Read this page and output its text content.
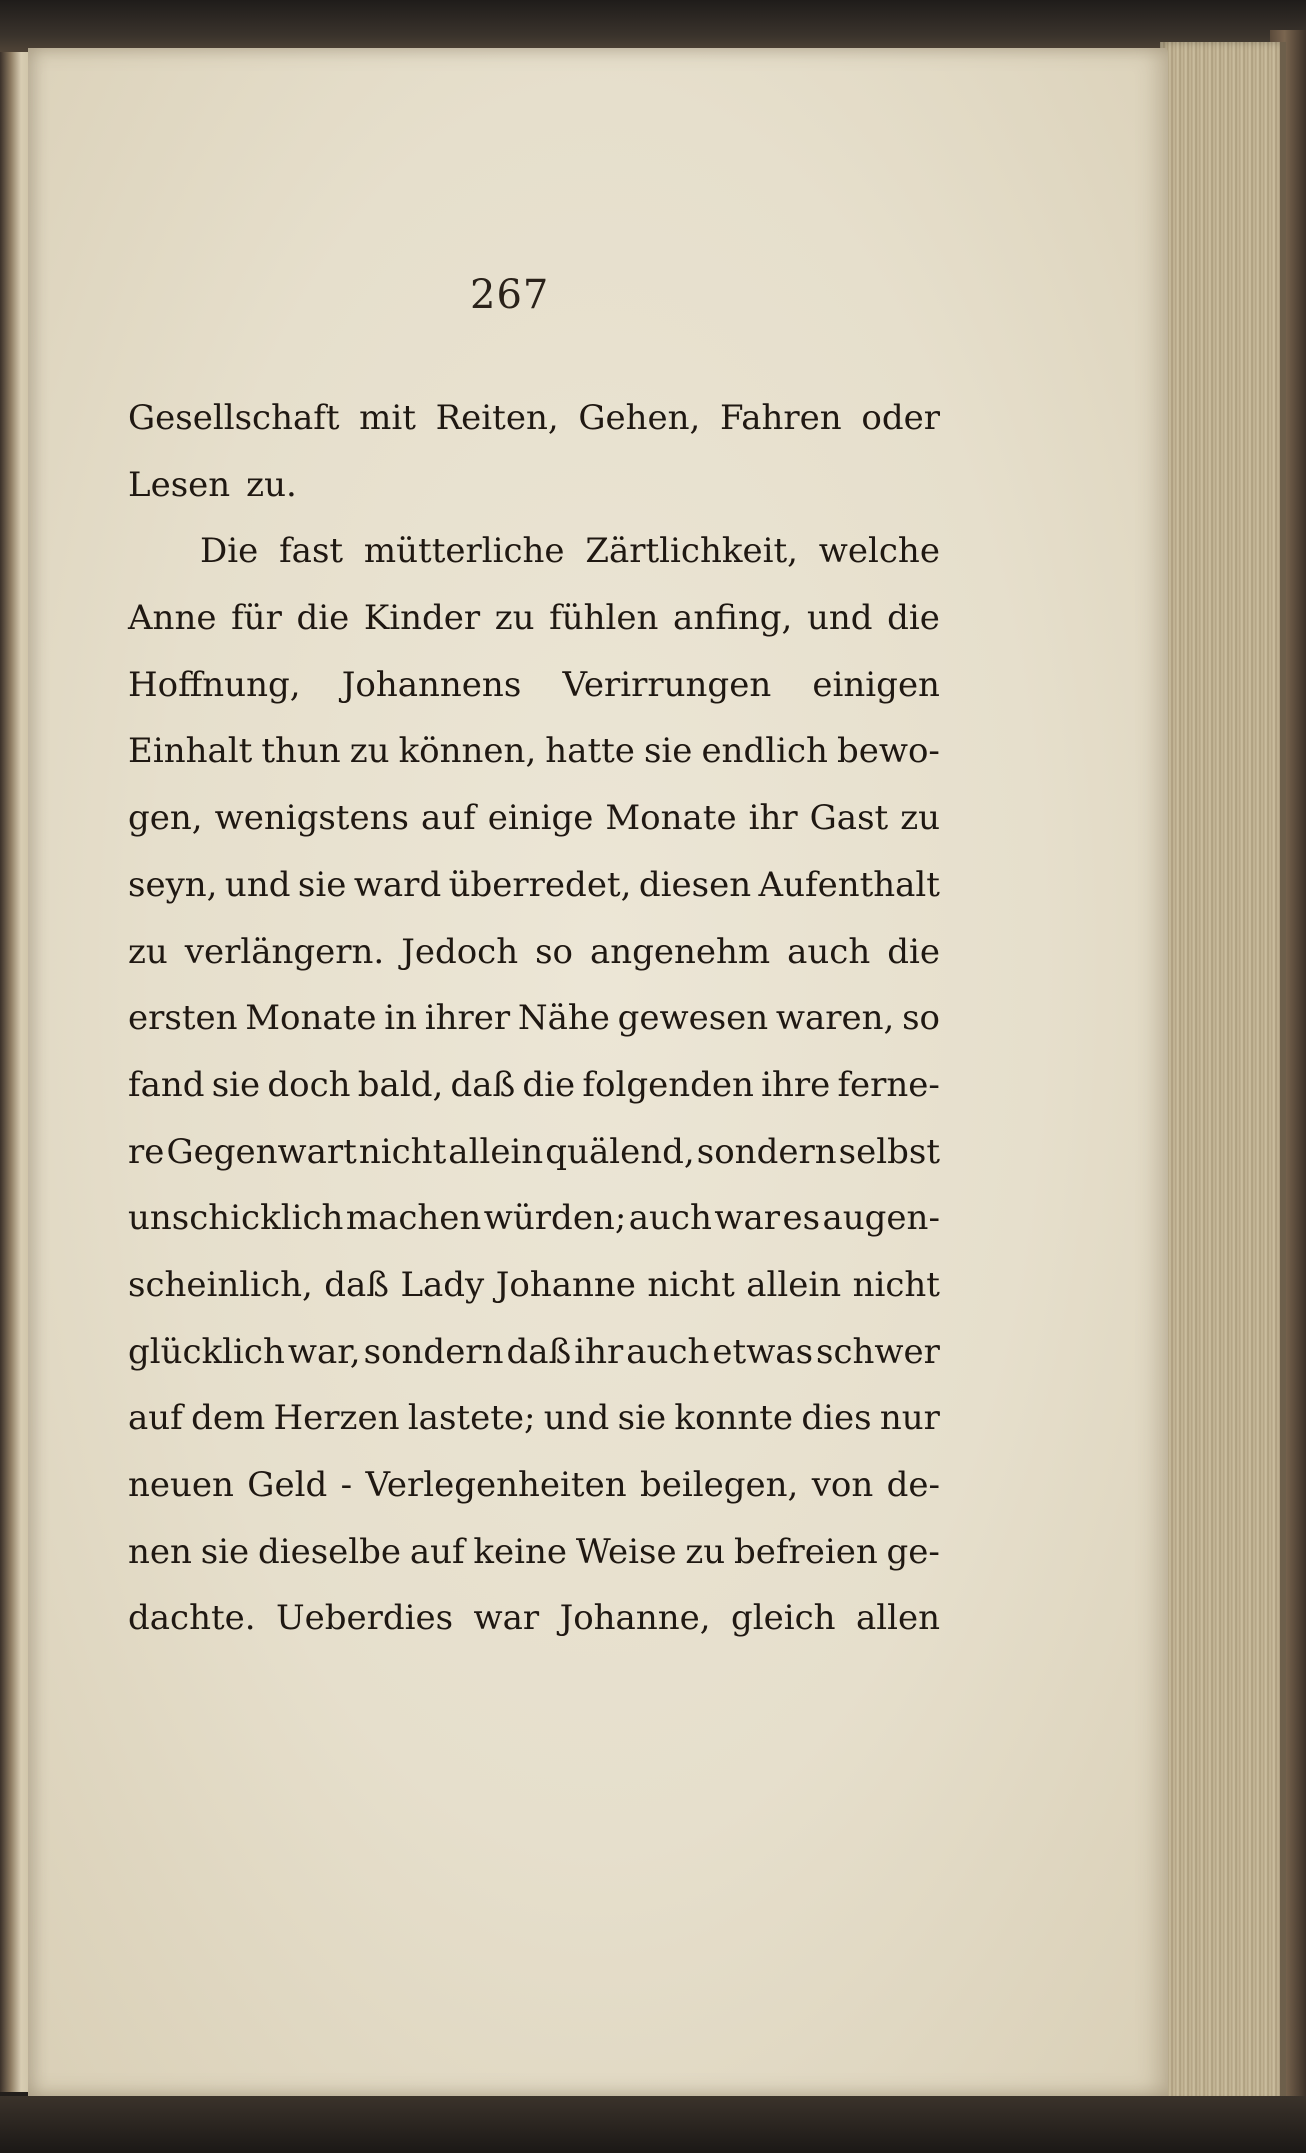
267
Gesellschaft mit Reiten, Gehen, Fahren oder
Lesen zu.
Die fast mütterliche Zärtlichkeit, welche
Anne für die Kinder zu fühlen anfing, und die
Hoffnung, Johannens Verirrungen einigen
Einhalt thun zu können, hatte sie endlich bewo-
gen, wenigstens auf einige Monate ihr Gast zu
seyn, und sie ward überredet, diesen Aufenthalt
zu verlängern. Jedoch so angenehm auch die
ersten Monate in ihrer Nähe gewesen waren, so
fand sie doch bald, daß die folgenden ihre ferne-
re Gegenwart nicht allein quälend, sondern selbst
unschicklich machen würden; auch war es augen-
scheinlich, daß Lady Johanne nicht allein nicht
glücklich war, sondern daß ihr auch etwas schwer
auf dem Herzen lastete; und sie konnte dies nur
neuen Geld - Verlegenheiten beilegen, von de-
nen sie dieselbe auf keine Weise zu befreien ge-
dachte. Ueberdies war Johanne, gleich allen
